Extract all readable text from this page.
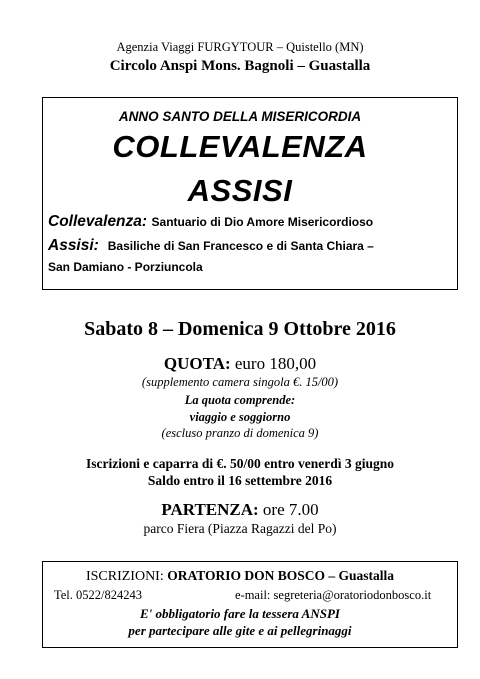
Agenzia Viaggi FURGYTOUR – Quistello (MN)
Circolo Anspi Mons. Bagnoli – Guastalla
ANNO SANTO DELLA MISERICORDIA
COLLEVALENZA
ASSISI
Collevalenza: Santuario di Dio Amore Misericordioso
Assisi: Basiliche di San Francesco e di Santa Chiara –
San Damiano - Porziuncola
Sabato 8 – Domenica 9 Ottobre 2016
QUOTA: euro 180,00
(supplemento camera singola €. 15/00)
La quota comprende:
viaggio e soggiorno
(escluso pranzo di domenica 9)
Iscrizioni e caparra di €. 50/00 entro venerdì 3 giugno
Saldo entro il 16 settembre 2016
PARTENZA: ore 7.00
parco Fiera (Piazza Ragazzi del Po)
ISCRIZIONI: ORATORIO DON BOSCO – Guastalla
Tel. 0522/824243	e-mail: segreteria@oratoriodonbosco.it
E' obbligatorio fare la tessera ANSPI
per partecipare alle gite e ai pellegrinaggi
